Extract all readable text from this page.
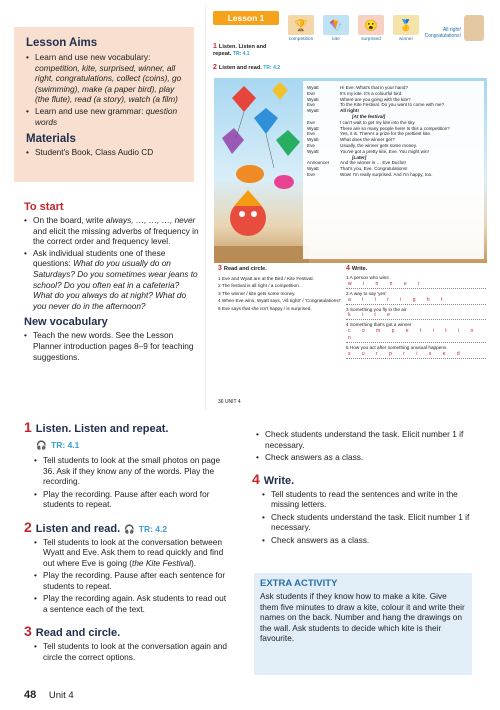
Lesson Aims
• Learn and use new vocabulary: competition, kite, surprised, winner, all right, congratulations, collect (coins), go (swimming), make (a paper bird), play (the flute), read (a story), watch (a film)
• Learn and use new grammar: question words
Materials
• Student's Book, Class Audio CD
To start
• On the board, write always, …, …, …, never and elicit the missing adverbs of frequency in the correct order and frequency level.
• Ask individual students one of these questions: What do you usually do on Saturdays? Do you sometimes wear jeans to school? Do you often eat in a cafeteria? What do you always do at night? What do you never do in the afternoon?
New vocabulary
• Teach the new words. See the Lesson Planner introduction pages 8–9 for teaching suggestions.
1 Listen. Listen and repeat.
🎧 TR: 4.1
• Tell students to look at the small photos on page 36. Ask if they know any of the words. Play the recording.
• Play the recording. Pause after each word for students to repeat.
2 Listen and read. 🎧 TR: 4.2
• Tell students to look at the conversation between Wyatt and Eve. Ask them to read quickly and find out where Eve is going (the Kite Festival).
• Play the recording. Pause after each sentence for students to repeat.
• Play the recording again. Ask students to read out a sentence each of the text.
3 Read and circle.
• Tell students to look at the conversation again and circle the correct options.
• Check students understand the task. Elicit number 1 if necessary.
• Check answers as a class.
4 Write.
• Tell students to read the sentences and write in the missing letters.
• Check students understand the task. Elicit number 1 if necessary.
• Check answers as a class.
EXTRA ACTIVITY
Ask students if they know how to make a kite. Give them five minutes to draw a kite, colour it and write their names on the back. Number and hang the drawings on the wall. Ask students to decide which kite is their favourite.
48 Unit 4
Lesson 1
1 Listen. Listen and repeat. TR: 4.1
2 Listen and read. TR: 4.2
🏆
competition
🪁
kite
😮
surprised
🥇
winner
All right! Congratulations!
Wyatt	Hi Eve. What's that in your hand?
Eve	It's my kite. It's a colourful bird.
Wyatt	Where are you going with the kite?
Eve	To the Kite Festival. Do you want to come with me?
Wyatt	All right!
[At the festival]
Eve	I can't wait to get my kite into the sky.
Wyatt	There are so many people here! Is this a competition?
Eve	Yes, it is. There's a prize for the prettiest kite.
Wyatt	What does the winner get?
Eve	Usually, the winner gets some money.
Wyatt	You've got a pretty kite, Eve. You might win!
[Later]
Announcer	And the winner is … Eve Duclot!
Wyatt	That's you, Eve. Congratulations!
Eve	Wow! I'm really surprised. And I'm happy, too.
3 Read and circle.
1 Eve and Wyatt are at the Bird / Kite Festival.
2 The festival is all right / a competition.
3 The winner / kite gets some money.
4 When Eve wins, Wyatt says, 'All right!' / 'Congratulations!'
5 Eve says that she isn't happy / is surprised.
4 Write.
1 A person who wins
w i n n e r
2 A way to say 'yes'
a l l r i g h t
3 Something you fly in the air
k i t e
4 Something that's got a winner
c o m p e t i t i o n
5 How you act after something unusual happens
s u r p r i s e d
36 UNIT 4
